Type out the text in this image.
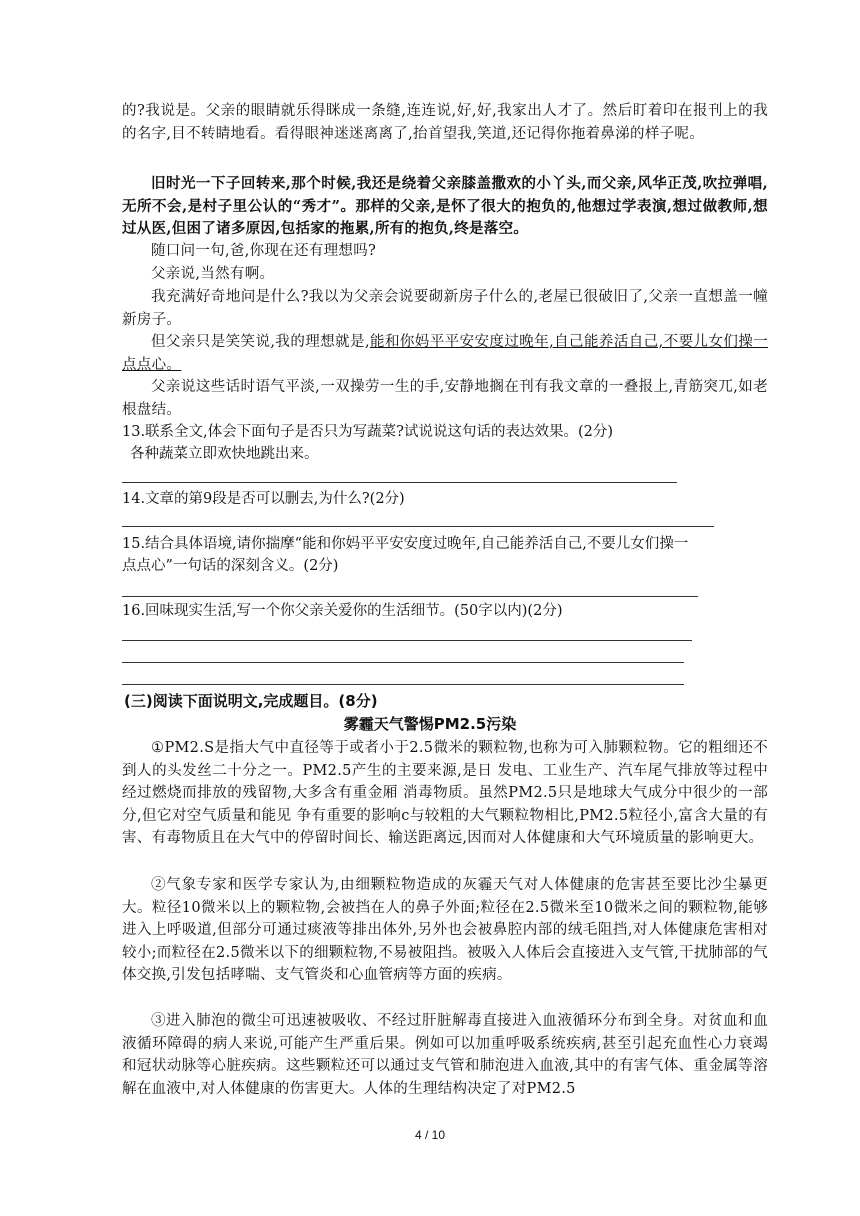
的?我说是。父亲的眼睛就乐得眯成一条缝,连连说,好,好,我家出人才了。然后盯着印在报刊上的我的名字,目不转睛地看。看得眼神迷迷离离了,抬首望我,笑道,还记得你拖着鼻涕的样子呢。

旧时光一下子回转来,那个时候,我还是绕着父亲膝盖撒欢的小丫头,而父亲,风华正茂,吹拉弹唱,无所不会,是村子里公认的“秀才”。那样的父亲,是怀了很大的抱负的,他想过学表演,想过做教师,想过从医,但困了诸多原因,包括家的拖累,所有的抱负,终是落空。

随口问一句,爸,你现在还有理想吗?

父亲说,当然有啊。

我充满好奇地问是什么?我以为父亲会说要砌新房子什么的,老屋已很破旧了,父亲一直想盖一幢新房子。

但父亲只是笑笑说,我的理想就是,能和你妈平平安安度过晚年,自己能养活自己,不要儿女们操一点点心。

父亲说这些话时语气平淡,一双操劳一生的手,安静地搁在刊有我文章的一叠报上,青筋突兀,如老根盘结。

13.联系全文,体会下面句子是否只为写蔬菜?试说说这句话的表达效果。(2分)

各种蔬菜立即欢快地跳出来。

14.文章的第9段是否可以删去,为什么?(2分)

15.结合具体语境,请你揣摩“能和你妈平平安安度过晚年,自己能养活自己,不要儿女们操一

点点心”一句话的深刻含义。(2分)

16.回味现实生活,写一个你父亲关爱你的生活细节。(50字以内)(2分)

(三)阅读下面说明文,完成题目。(8分)
雾霾天气警惕PM2.5污染

①PM2.S是指大气中直径等于或者小于2.5微米的颗粒物,也称为可入肺颗粒物。它的粗细还不到人的头发丝二十分之一。PM2.5产生的主要来源,是日 发电、工业生产、汽车尾气排放等过程中经过燃烧而排放的残留物,大多含有重金厢 消毒物质。虽然PM2.5只是地球大气成分中很少的一部分,但它对空气质量和能见 争有重要的影响c与较粗的大气颗粒物相比,PM2.5粒径小,富含大量的有害、有毒物质且在大气中的停留时间长、输送距离远,因而对人体健康和大气环境质量的影响更大。

②气象专家和医学专家认为,由细颗粒物造成的灰霾天气对人体健康的危害甚至要比沙尘暴更大。粒径10微米以上的颗粒物,会被挡在人的鼻子外面;粒径在2.5微米至10微米之间的颗粒物,能够进入上呼吸道,但部分可通过痰液等排出体外,另外也会被鼻腔内部的绒毛阻挡,对人体健康危害相对较小;而粒径在2.5微米以下的细颗粒物,不易被阻挡。被吸入人体后会直接进入支气管,干扰肺部的气体交换,引发包括哮喘、支气管炎和心血管病等方面的疾病。

③进入肺泡的微尘可迅速被吸收、不经过肝脏解毒直接进入血液循环分布到全身。对贫血和血液循环障碍的病人来说,可能产生严重后果。例如可以加重呼吸系统疾病,甚至引起充血性心力衰竭和冠状动脉等心脏疾病。这些颗粒还可以通过支气管和肺泡进入血液,其中的有害气体、重金属等溶解在血液中,对人体健康的伤害更大。人体的生理结构决定了对PM2.5

4 / 10
